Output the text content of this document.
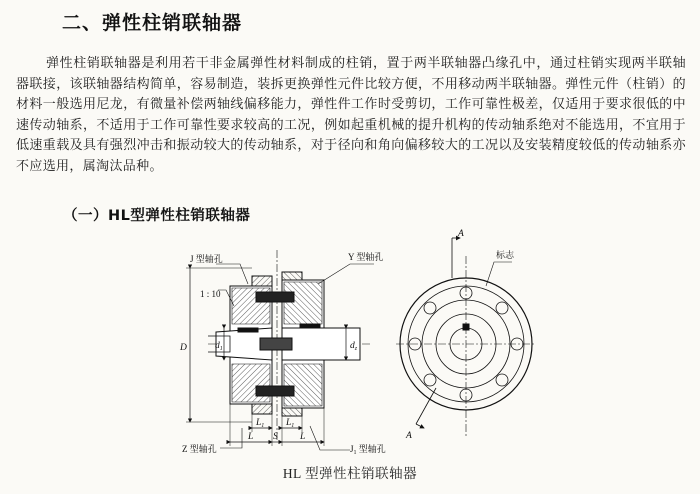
二、弹性柱销联轴器

弹性柱销联轴器是利用若干非金属弹性材料制成的柱销，置于两半联轴器凸缘孔中，通过柱销实现两半联轴器联接，该联轴器结构简单，容易制造，装拆更换弹性元件比较方便，不用移动两半联轴器。弹性元件（柱销）的材料一般选用尼龙，有微量补偿两轴线偏移能力，弹性件工作时受剪切，工作可靠性极差，仅适用于要求很低的中速传动轴系，不适用于工作可靠性要求较高的工况，例如起重机械的提升机构的传动轴系绝对不能选用，不宜用于低速重载及具有强烈冲击和振动较大的传动轴系，对于径向和角向偏移较大的工况以及安装精度较低的传动轴系亦不应选用，属淘汰品种。

（一）HL型弹性柱销联轴器
J 型轴孔	Y 型轴孔
1 : 10
D	$d_1$	$d_z$
$L_1$ $L_1$
S
L	L
Z 型轴孔	$J_1$ 型轴孔
A
A
标志
HL 型弹性柱销联轴器
